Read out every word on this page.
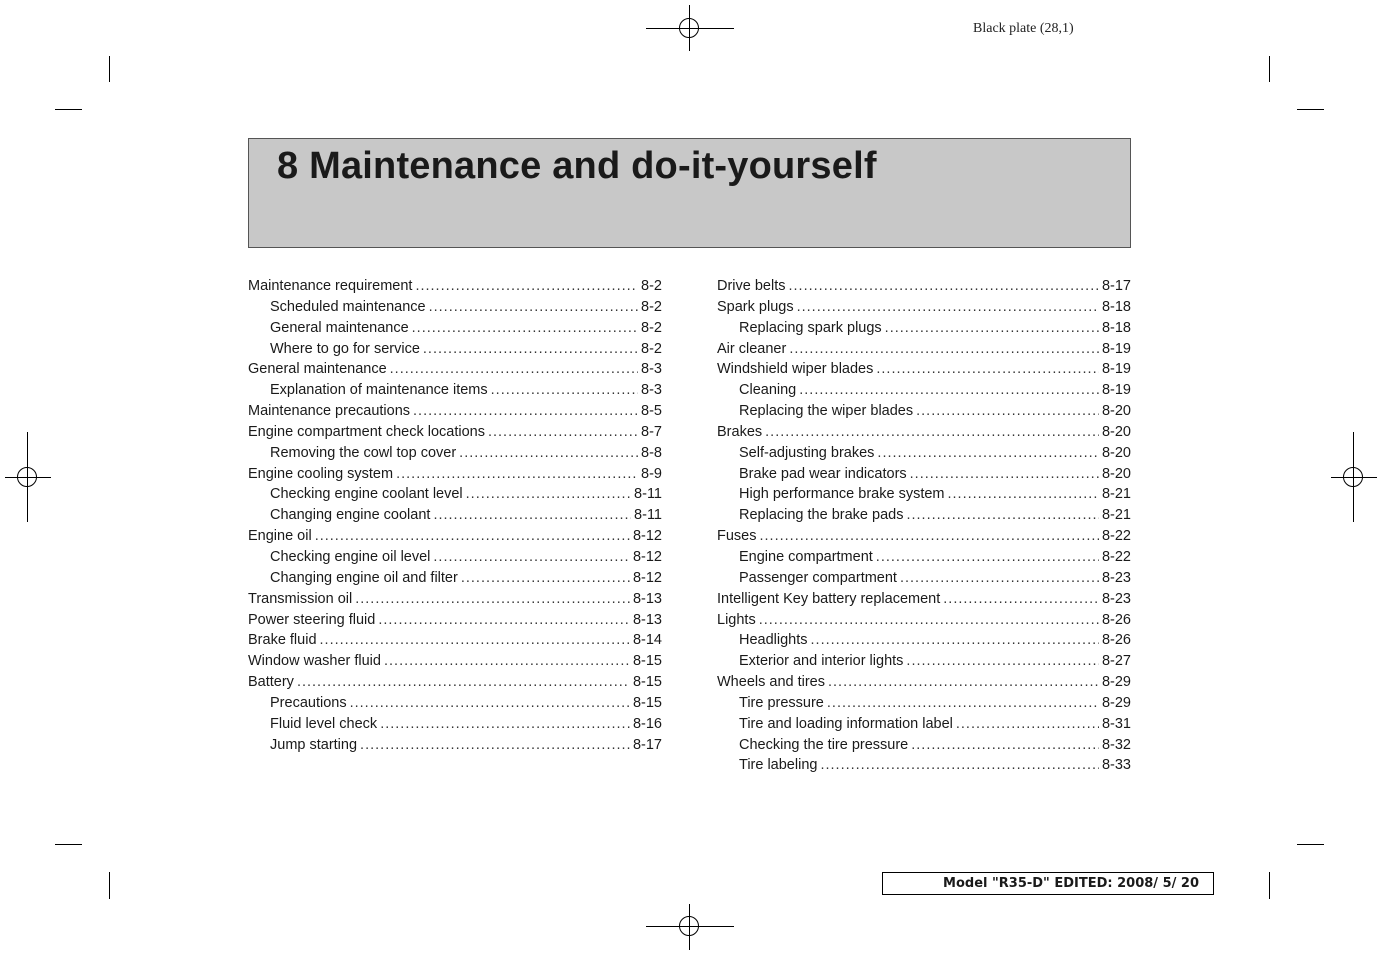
Black plate (28,1)
8 Maintenance and do-it-yourself
Maintenance requirement .....	8-2
Scheduled maintenance .....	8-2
General maintenance .....	8-2
Where to go for service .....	8-2
General maintenance .....	8-3
Explanation of maintenance items .....	8-3
Maintenance precautions .....	8-5
Engine compartment check locations .....	8-7
Removing the cowl top cover .....	8-8
Engine cooling system .....	8-9
Checking engine coolant level .....	8-11
Changing engine coolant .....	8-11
Engine oil .....	8-12
Checking engine oil level .....	8-12
Changing engine oil and filter .....	8-12
Transmission oil .....	8-13
Power steering fluid .....	8-13
Brake fluid .....	8-14
Window washer fluid .....	8-15
Battery .....	8-15
Precautions .....	8-15
Fluid level check .....	8-16
Jump starting .....	8-17
Drive belts .....	8-17
Spark plugs .....	8-18
Replacing spark plugs .....	8-18
Air cleaner .....	8-19
Windshield wiper blades .....	8-19
Cleaning .....	8-19
Replacing the wiper blades .....	8-20
Brakes .....	8-20
Self-adjusting brakes .....	8-20
Brake pad wear indicators .....	8-20
High performance brake system .....	8-21
Replacing the brake pads .....	8-21
Fuses .....	8-22
Engine compartment .....	8-22
Passenger compartment .....	8-23
Intelligent Key battery replacement .....	8-23
Lights .....	8-26
Headlights .....	8-26
Exterior and interior lights .....	8-27
Wheels and tires .....	8-29
Tire pressure .....	8-29
Tire and loading information label .....	8-31
Checking the tire pressure .....	8-32
Tire labeling .....	8-33
Model "R35-D" EDITED: 2008/ 5/ 20
